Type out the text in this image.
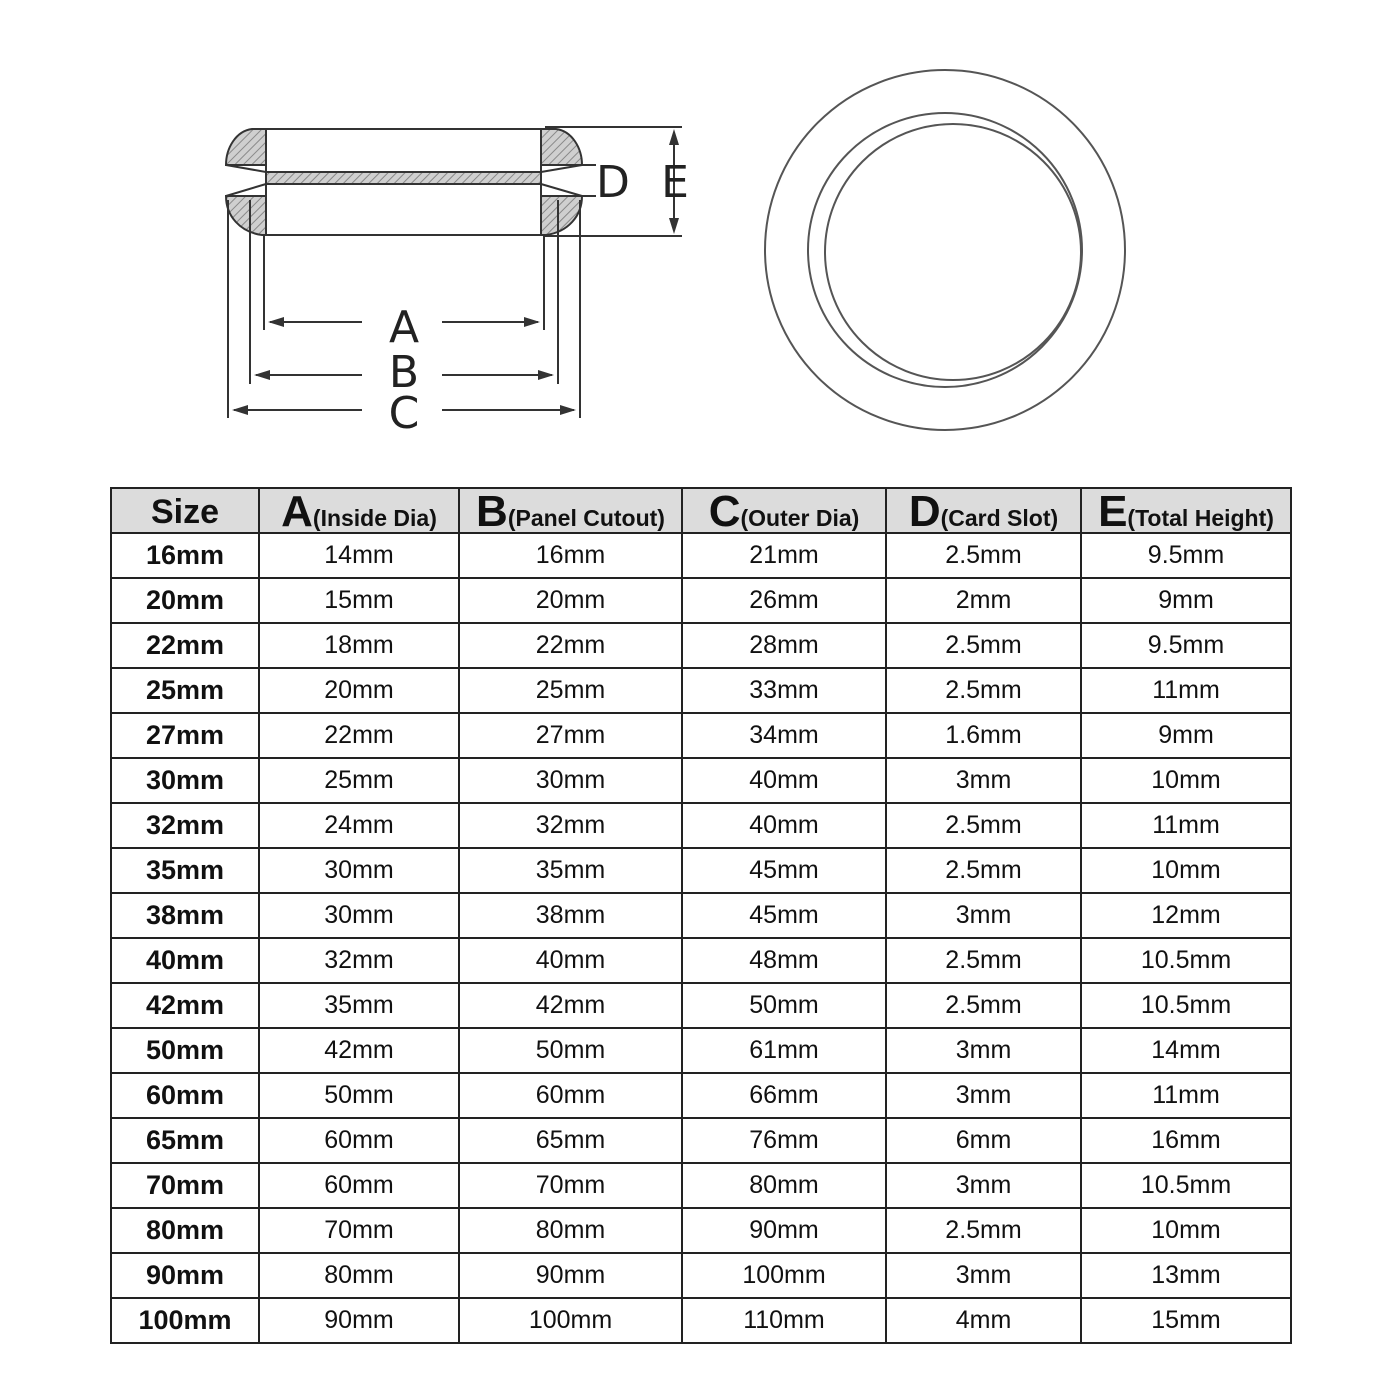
A
B
C
D E
Size	A(Inside Dia)	B(Panel Cutout)	C(Outer Dia)	D(Card Slot)	E(Total Height)
16mm	14mm	16mm	21mm	2.5mm	9.5mm
20mm	15mm	20mm	26mm	2mm	9mm
22mm	18mm	22mm	28mm	2.5mm	9.5mm
25mm	20mm	25mm	33mm	2.5mm	11mm
27mm	22mm	27mm	34mm	1.6mm	9mm
30mm	25mm	30mm	40mm	3mm	10mm
32mm	24mm	32mm	40mm	2.5mm	11mm
35mm	30mm	35mm	45mm	2.5mm	10mm
38mm	30mm	38mm	45mm	3mm	12mm
40mm	32mm	40mm	48mm	2.5mm	10.5mm
42mm	35mm	42mm	50mm	2.5mm	10.5mm
50mm	42mm	50mm	61mm	3mm	14mm
60mm	50mm	60mm	66mm	3mm	11mm
65mm	60mm	65mm	76mm	6mm	16mm
70mm	60mm	70mm	80mm	3mm	10.5mm
80mm	70mm	80mm	90mm	2.5mm	10mm
90mm	80mm	90mm	100mm	3mm	13mm
100mm	90mm	100mm	110mm	4mm	15mm
